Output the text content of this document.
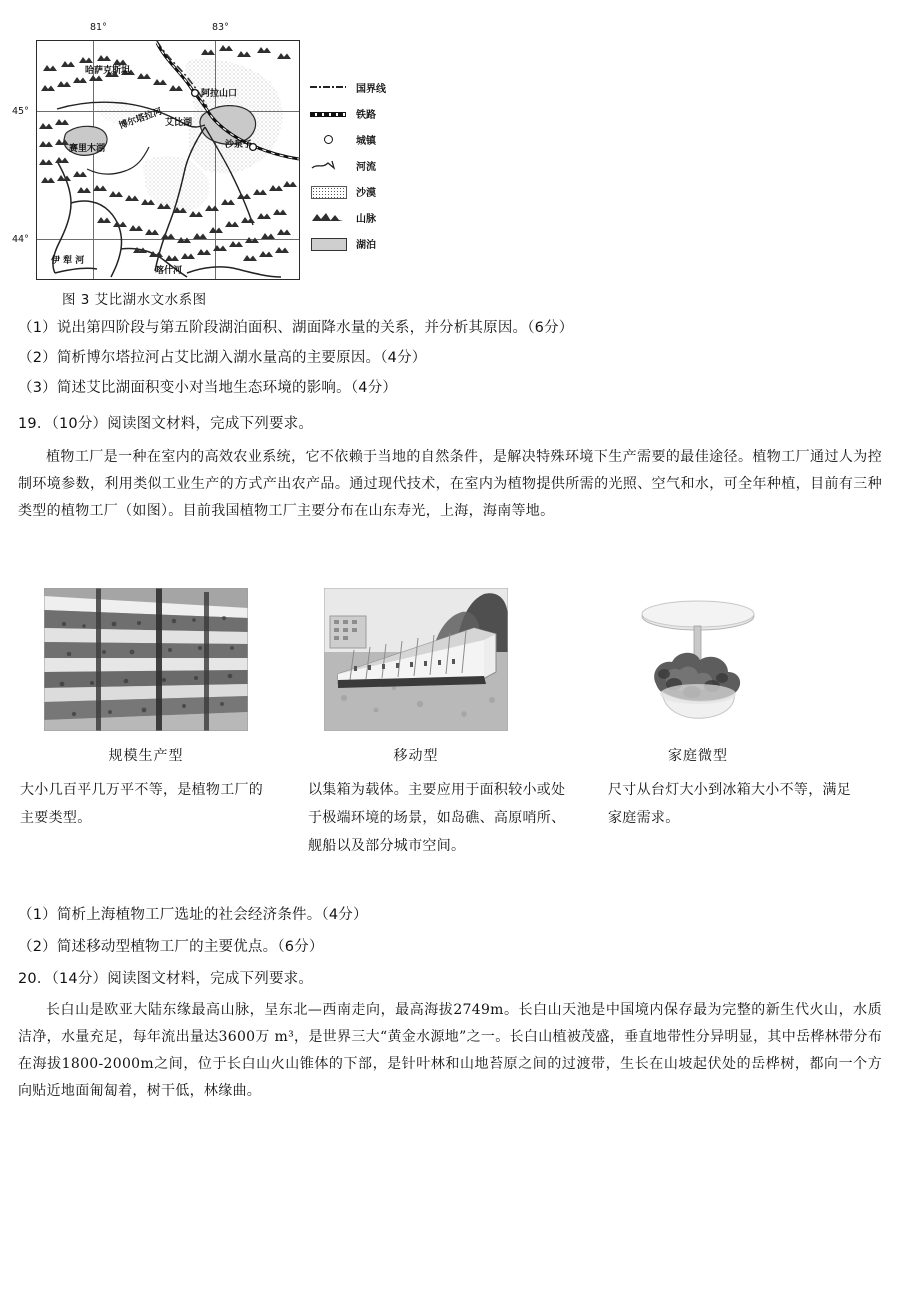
81°	83°
哈萨克斯坦
阿拉山口
艾比湖
博尔塔拉河
赛里木湖	沙泉子
伊 犁 河
喀什河
45°
44°
国界线
铁路
城镇
河流
沙漠
山脉
湖泊
图 3 艾比湖水文水系图
（1）说出第四阶段与第五阶段湖泊面积、湖面降水量的关系，并分析其原因。（6分）
（2）简析博尔塔拉河占艾比湖入湖水量高的主要原因。（4分）
（3）简述艾比湖面积变小对当地生态环境的影响。（4分）
19．（10分）阅读图文材料，完成下列要求。
植物工厂是一种在室内的高效农业系统，它不依赖于当地的自然条件，是解决特殊环境下生产需要的最佳途径。植物工厂通过人为控制环境参数，利用类似工业生产的方式产出农产品。通过现代技术，在室内为植物提供所需的光照、空气和水，可全年种植，目前有三种类型的植物工厂（如图）。目前我国植物工厂主要分布在山东寿光，上海，海南等地。
规模生产型	移动型	家庭微型
大小几百平几万平不等，是植物工厂的主要类型。
以集箱为载体。主要应用于面积较小或处于极端环境的场景，如岛礁、高原哨所、舰船以及部分城市空间。
尺寸从台灯大小到冰箱大小不等，满足家庭需求。
（1）简析上海植物工厂选址的社会经济条件。（4分）
（2）简述移动型植物工厂的主要优点。（6分）
20．（14分）阅读图文材料，完成下列要求。
长白山是欧亚大陆东缘最高山脉，呈东北—西南走向，最高海拔2749m。长白山天池是中国境内保存最为完整的新生代火山，水质洁净，水量充足，每年流出量达3600万 m³，是世界三大“黄金水源地”之一。长白山植被茂盛，垂直地带性分异明显，其中岳桦林带分布在海拔1800-2000m之间，位于长白山火山锥体的下部，是针叶林和山地苔原之间的过渡带，生长在山坡起伏处的岳桦树，都向一个方向贴近地面匍匐着，树干低，林缘曲。
